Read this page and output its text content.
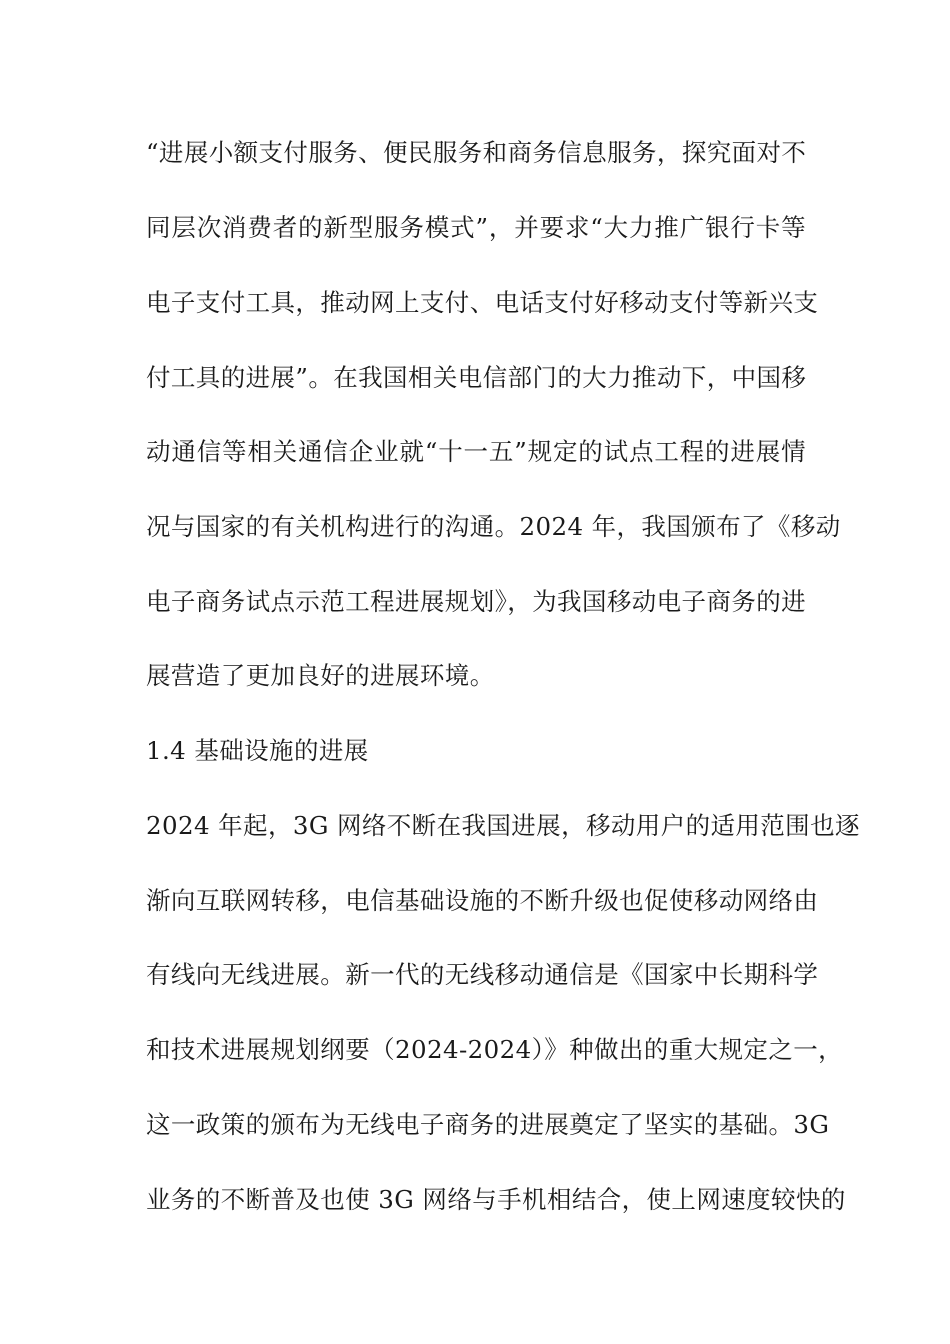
“进展小额支付服务、便民服务和商务信息服务，探究面对不
同层次消费者的新型服务模式”，并要求“大力推广银行卡等
电子支付工具，推动网上支付、电话支付好移动支付等新兴支
付工具的进展”。在我国相关电信部门的大力推动下，中国移
动通信等相关通信企业就“十一五”规定的试点工程的进展情
况与国家的有关机构进行的沟通。2024 年，我国颁布了《移动
电子商务试点示范工程进展规划》，为我国移动电子商务的进
展营造了更加良好的进展环境。
1.4 基础设施的进展
2024 年起，3G 网络不断在我国进展，移动用户的适用范围也逐
渐向互联网转移，电信基础设施的不断升级也促使移动网络由
有线向无线进展。新一代的无线移动通信是《国家中长期科学
和技术进展规划纲要（2024-2024）》种做出的重大规定之一，
这一政策的颁布为无线电子商务的进展奠定了坚实的基础。3G
业务的不断普及也使 3G 网络与手机相结合，使上网速度较快的
